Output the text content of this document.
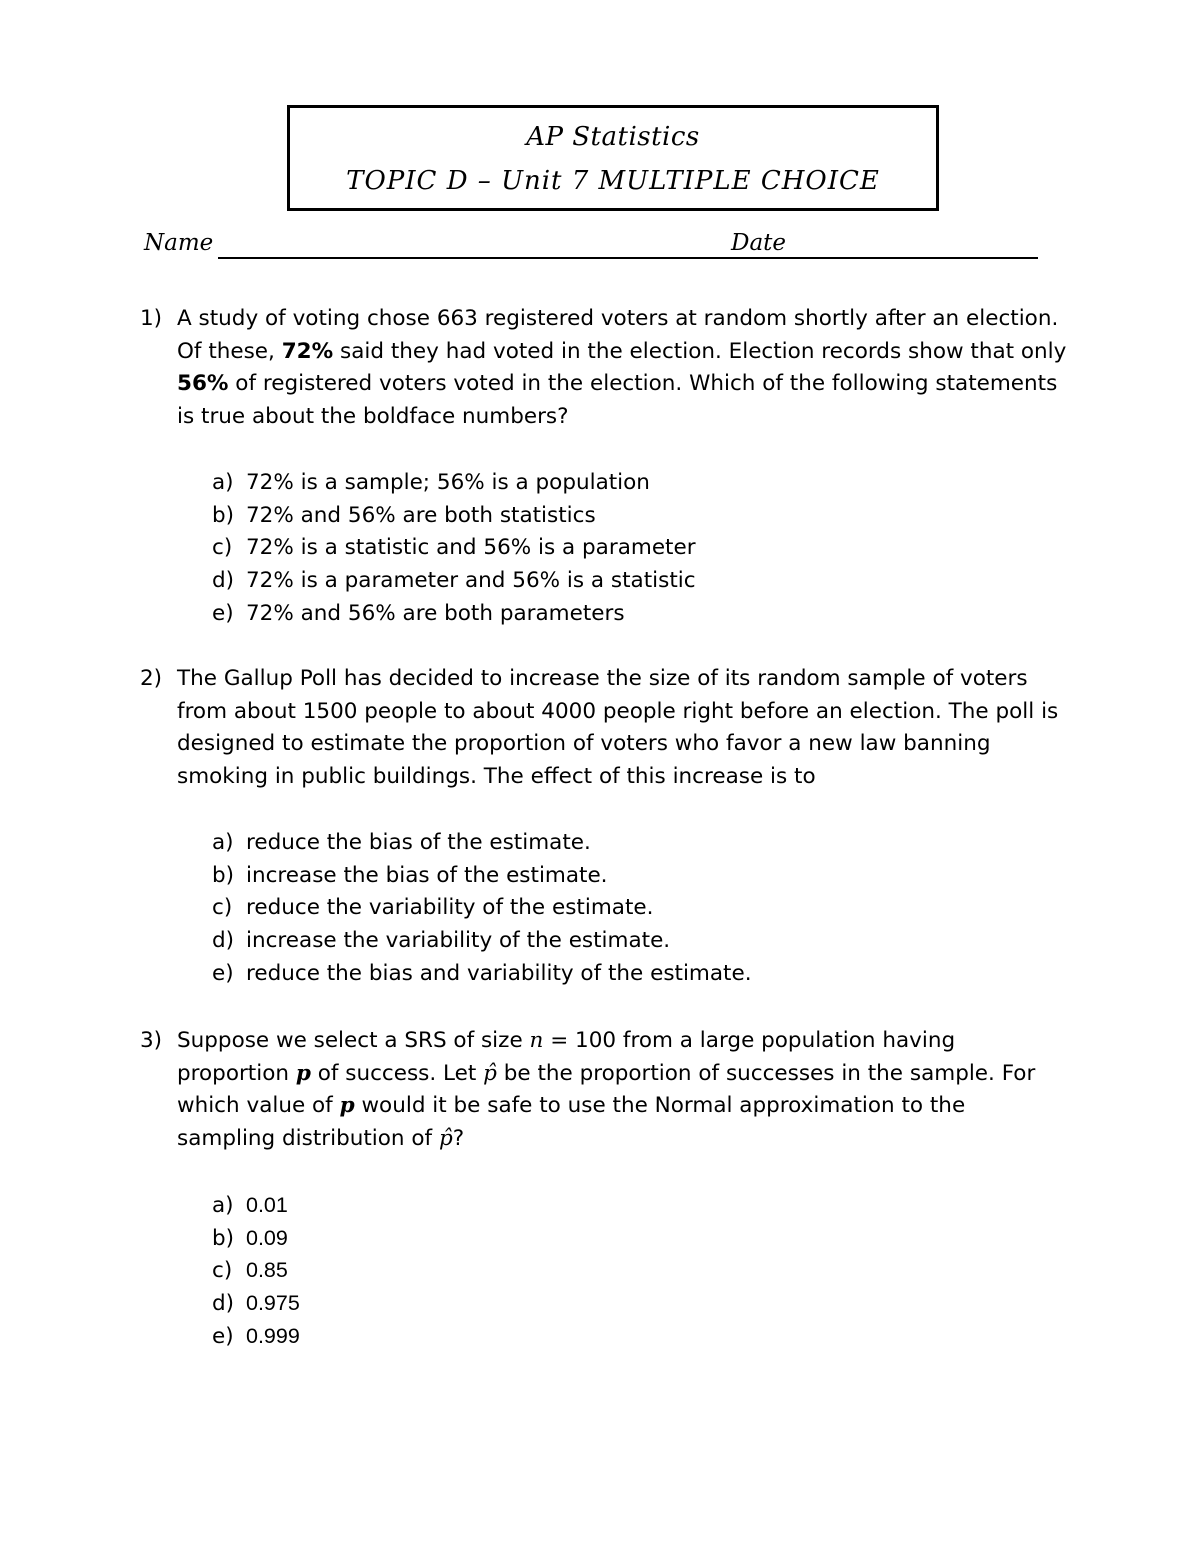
AP Statistics
TOPIC D – Unit 7 MULTIPLE CHOICE
Name	Date
1) A study of voting chose 663 registered voters at random shortly after an election. Of these, 72% said they had voted in the election. Election records show that only 56% of registered voters voted in the election. Which of the following statements is true about the boldface numbers?
a) 72% is a sample; 56% is a population
b) 72% and 56% are both statistics
c) 72% is a statistic and 56% is a parameter
d) 72% is a parameter and 56% is a statistic
e) 72% and 56% are both parameters
2) The Gallup Poll has decided to increase the size of its random sample of voters from about 1500 people to about 4000 people right before an election. The poll is designed to estimate the proportion of voters who favor a new law banning smoking in public buildings. The effect of this increase is to
a) reduce the bias of the estimate.
b) increase the bias of the estimate.
c) reduce the variability of the estimate.
d) increase the variability of the estimate.
e) reduce the bias and variability of the estimate.
3) Suppose we select a SRS of size n = 100 from a large population having proportion p of success. Let p̂ be the proportion of successes in the sample. For which value of p would it be safe to use the Normal approximation to the sampling distribution of p̂?
a) 0.01
b) 0.09
c) 0.85
d) 0.975
e) 0.999
